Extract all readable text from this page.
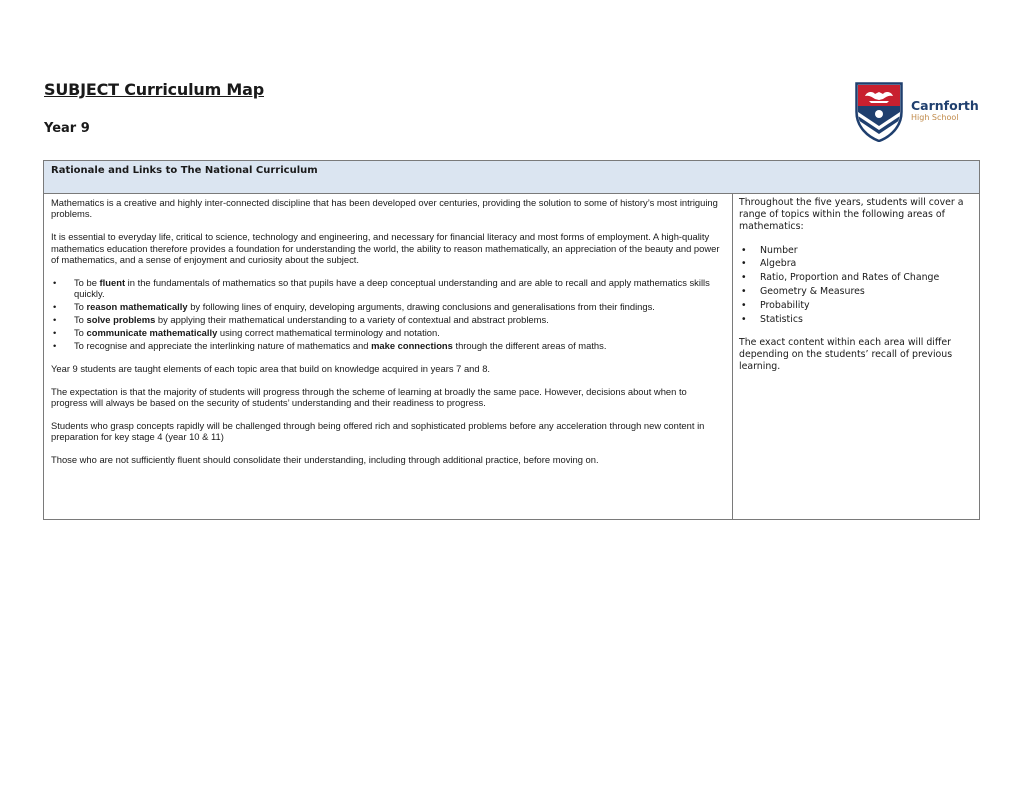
SUBJECT Curriculum Map
Year 9
Carnforth
High School
Rationale and Links to The National Curriculum

Mathematics is a creative and highly inter-connected discipline that has been developed over centuries, providing the solution to some of history’s most intriguing problems.

It is essential to everyday life, critical to science, technology and engineering, and necessary for financial literacy and most forms of employment. A high-quality mathematics education therefore provides a foundation for understanding the world, the ability to reason mathematically, an appreciation of the beauty and power of mathematics, and a sense of enjoyment and curiosity about the subject.

• To be fluent in the fundamentals of mathematics so that pupils have a deep conceptual understanding and are able to recall and apply mathematics skills quickly.
• To reason mathematically by following lines of enquiry, developing arguments, drawing conclusions and generalisations from their findings.
• To solve problems by applying their mathematical understanding to a variety of contextual and abstract problems.
• To communicate mathematically using correct mathematical terminology and notation.
• To recognise and appreciate the interlinking nature of mathematics and make connections through the different areas of maths.

Year 9 students are taught elements of each topic area that build on knowledge acquired in years 7 and 8.

The expectation is that the majority of students will progress through the scheme of learning at broadly the same pace. However, decisions about when to progress will always be based on the security of students’ understanding and their readiness to progress.

Students who grasp concepts rapidly will be challenged through being offered rich and sophisticated problems before any acceleration through new content in preparation for key stage 4 (year 10 & 11)

Those who are not sufficiently fluent should consolidate their understanding, including through additional practice, before moving on.

Throughout the five years, students will cover a range of topics within the following areas of mathematics:

• Number
• Algebra
• Ratio, Proportion and Rates of Change
• Geometry & Measures
• Probability
• Statistics

The exact content within each area will differ depending on the students’ recall of previous learning.
